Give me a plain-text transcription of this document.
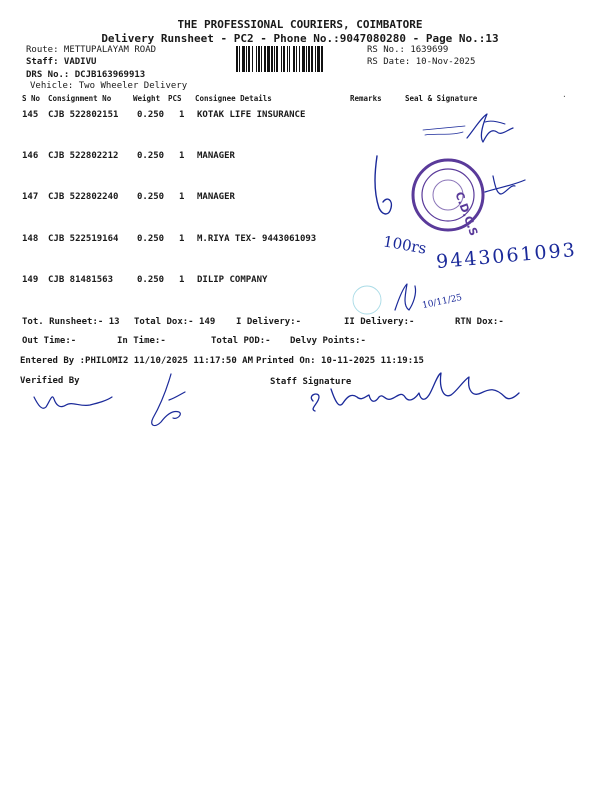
THE PROFESSIONAL COURIERS, COIMBATORE
Delivery Runsheet - PC2 - Phone No.:9047080280 - Page No.:13
Route: METTUPALAYAM ROAD
Staff: VADIVU
DRS No.: DCJB163969913
Vehicle: Two Wheeler Delivery
RS No.: 1639699
RS Date: 10-Nov-2025
S No Consignment No	Weight PCS Consignee Details	Remarks	Seal & Signature	·
145 CJB 522802151 0.250 1 KOTAK LIFE INSURANCE
146 CJB 522802212 0.250 1 MANAGER
147 CJB 522802240 0.250 1 MANAGER
148 CJB 522519164 0.250 1 M.RIYA TEX- 9443061093
149 CJB 81481563	0.250 1 DILIP COMPANY
C.D.C.S
100rs 9443061093
10/11/25
Tot. Runsheet:- 13 Total Dox:- 149 I Delivery:-	II Delivery:-	RTN Dox:-
Out Time:-	In Time:-	Total POD:- Delvy Points:-
Entered By :PHILOMI2 11/10/2025 11:17:50 AM Printed On: 10-11-2025 11:19:15
Verified By	Staff Signature
